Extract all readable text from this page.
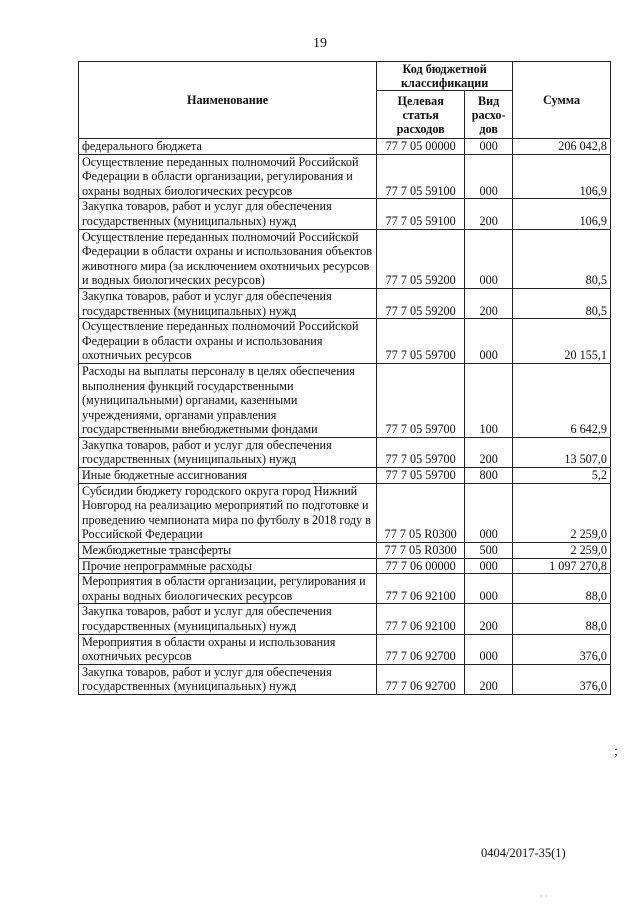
19
Наименование	Код бюджетной классификации		Сумма
	Целевая статья расходов	Вид расхо-дов	
федерального бюджета	77 7 05 00000	000	206 042,8
Осуществление переданных полномочий Российской Федерации в области организации, регулирования и охраны водных биологических ресурсов	77 7 05 59100	000	106,9
Закупка товаров, работ и услуг для обеспечения государственных (муниципальных) нужд	77 7 05 59100	200	106,9
Осуществление переданных полномочий Российской Федерации в области охраны и использования объектов животного мира (за исключением охотничьих ресурсов и водных биологических ресурсов)	77 7 05 59200	000	80,5
Закупка товаров, работ и услуг для обеспечения государственных (муниципальных) нужд	77 7 05 59200	200	80,5
Осуществление переданных полномочий Российской Федерации в области охраны и использования охотничьих ресурсов	77 7 05 59700	000	20 155,1
Расходы на выплаты персоналу в целях обеспечения выполнения функций государственными (муниципальными) органами, казенными учреждениями, органами управления государственными внебюджетными фондами	77 7 05 59700	100	6 642,9
Закупка товаров, работ и услуг для обеспечения государственных (муниципальных) нужд	77 7 05 59700	200	13 507,0
Иные бюджетные ассигнования	77 7 05 59700	800	5,2
Субсидии бюджету городского округа город Нижний Новгород на реализацию мероприятий по подготовке и проведению чемпионата мира по футболу в 2018 году в Российской Федерации	77 7 05 R0300	000	2 259,0
Межбюджетные трансферты	77 7 05 R0300	500	2 259,0
Прочие непрограммные расходы	77 7 06 00000	000	1 097 270,8
Мероприятия в области организации, регулирования и охраны водных биологических ресурсов	77 7 06 92100	000	88,0
Закупка товаров, работ и услуг для обеспечения государственных (муниципальных) нужд	77 7 06 92100	200	88,0
Мероприятия в области охраны и использования охотничьих ресурсов	77 7 06 92700	000	376,0
Закупка товаров, работ и услуг для обеспечения государственных (муниципальных) нужд	77 7 06 92700	200	376,0
;
0404/2017-35(1)
· ·
